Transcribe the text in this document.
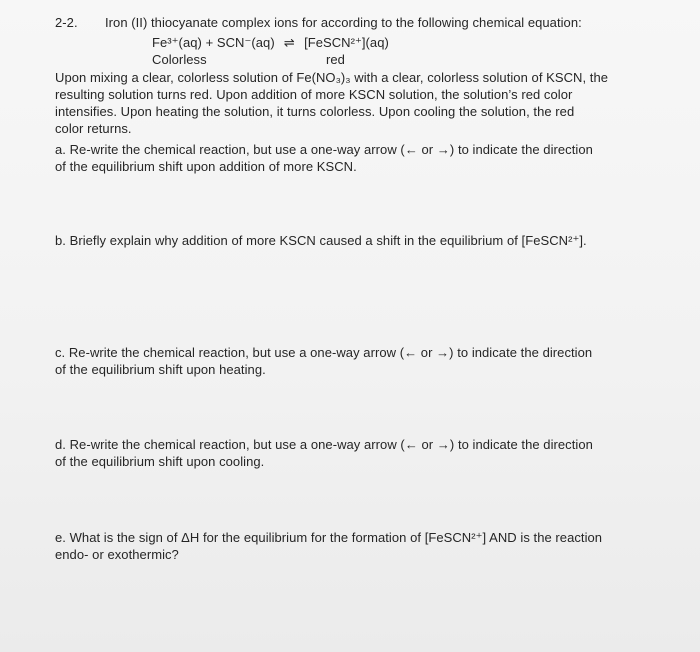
2-2. Iron (II) thiocyanate complex ions for according to the following chemical equation:
Fe³⁺(aq) + SCN⁻(aq) ⇌ [FeSCN²⁺](aq)
Colorless	red
Upon mixing a clear, colorless solution of Fe(NO₃)₃ with a clear, colorless solution of KSCN, the
resulting solution turns red. Upon addition of more KSCN solution, the solution’s red color
intensifies. Upon heating the solution, it turns colorless. Upon cooling the solution, the red
color returns.
a. Re-write the chemical reaction, but use a one-way arrow (← or →) to indicate the direction
of the equilibrium shift upon addition of more KSCN.
b. Briefly explain why addition of more KSCN caused a shift in the equilibrium of [FeSCN²⁺].
c. Re-write the chemical reaction, but use a one-way arrow (← or →) to indicate the direction
of the equilibrium shift upon heating.
d. Re-write the chemical reaction, but use a one-way arrow (← or →) to indicate the direction
of the equilibrium shift upon cooling.
e. What is the sign of ΔH for the equilibrium for the formation of [FeSCN²⁺] AND is the reaction
endo- or exothermic?
